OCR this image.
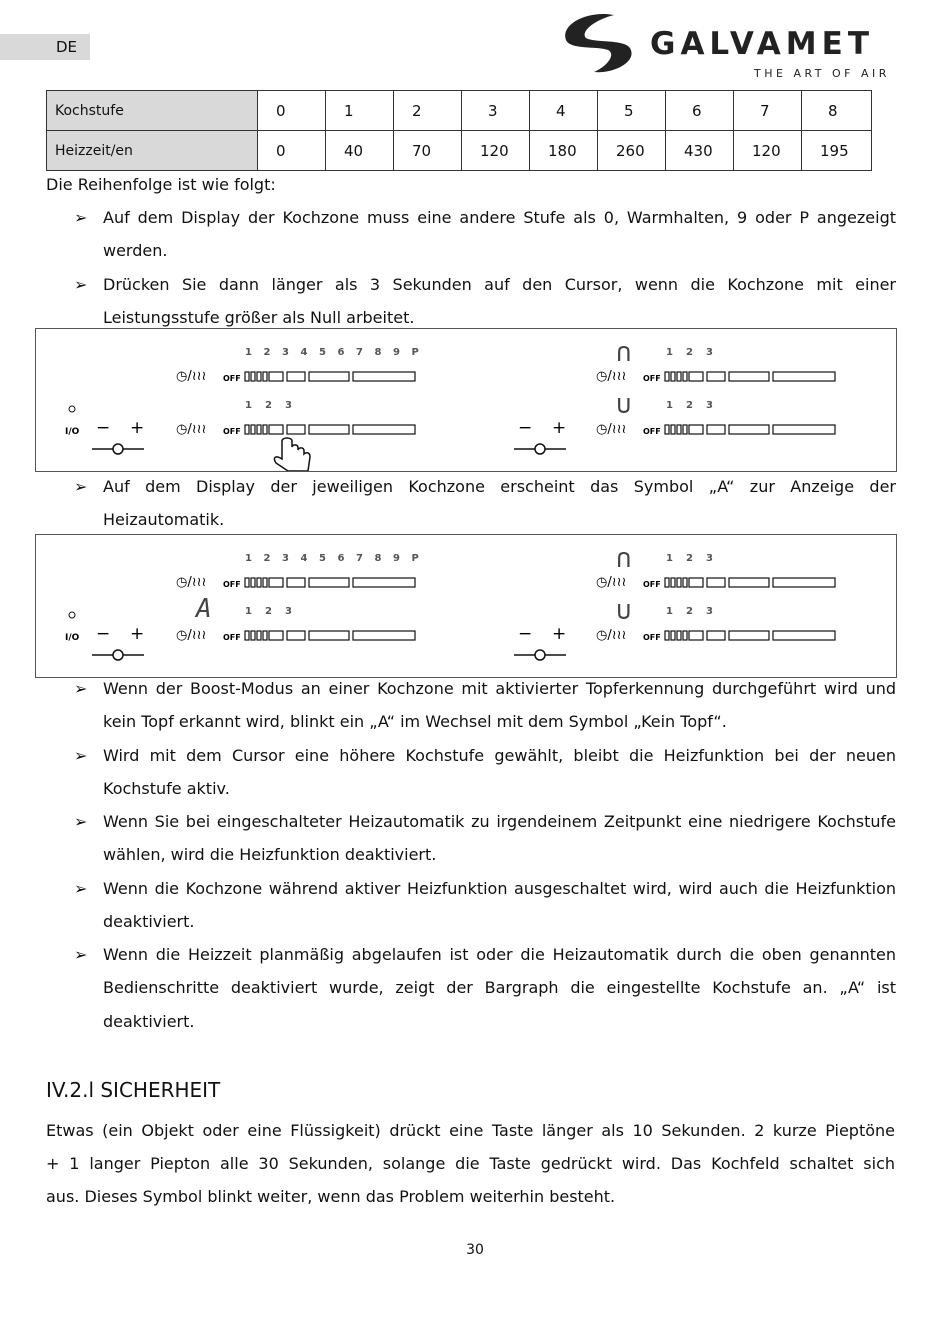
DE	GALVAMET
THE ART OF AIR
Kochstufe	0	1	2	3	4	5	6	7	8
Heizzeit/en	0	40	70	120	180	260	430	120	195
Die Reihenfolge ist wie folgt:
➢ Auf dem Display der Kochzone muss eine andere Stufe als 0, Warmhalten, 9 oder P angezeigt werden.
➢ Drücken Sie dann länger als 3 Sekunden auf den Cursor, wenn die Kochzone mit einer Leistungsstufe größer als Null arbeitet.
I/O − +
1 2 3 4 5 6 7 8 9 P
◷/≀≀≀ OFF
1 2 3
◷/≀≀≀ OFF	− +
∩	1 2 3
◷/≀≀≀ OFF
∪	1 2 3
◷/≀≀≀ OFF
➢ Auf dem Display der jeweiligen Kochzone erscheint das Symbol „A“ zur Anzeige der Heizautomatik.
I/O − +
1 2 3 4 5 6 7 8 9 P
◷/≀≀≀ OFF
A	1 2 3
◷/≀≀≀ OFF	− +
∩	1 2 3
◷/≀≀≀ OFF
∪	1 2 3
◷/≀≀≀ OFF
➢ Wenn der Boost-Modus an einer Kochzone mit aktivierter Topferkennung durchgeführt wird und kein Topf erkannt wird, blinkt ein „A“ im Wechsel mit dem Symbol „Kein Topf“.
➢ Wird mit dem Cursor eine höhere Kochstufe gewählt, bleibt die Heizfunktion bei der neuen Kochstufe aktiv.
➢ Wenn Sie bei eingeschalteter Heizautomatik zu irgendeinem Zeitpunkt eine niedrigere Kochstufe wählen, wird die Heizfunktion deaktiviert.
➢ Wenn die Kochzone während aktiver Heizfunktion ausgeschaltet wird, wird auch die Heizfunktion deaktiviert.
➢ Wenn die Heizzeit planmäßig abgelaufen ist oder die Heizautomatik durch die oben genannten Bedienschritte deaktiviert wurde, zeigt der Bargraph die eingestellte Kochstufe an. „A“ ist deaktiviert.
IV.2.l SICHERHEIT
Etwas (ein Objekt oder eine Flüssigkeit) drückt eine Taste länger als 10 Sekunden. 2 kurze Pieptöne
+ 1 langer Piepton alle 30 Sekunden, solange die Taste gedrückt wird. Das Kochfeld schaltet sich
aus. Dieses Symbol blinkt weiter, wenn das Problem weiterhin besteht.
30
